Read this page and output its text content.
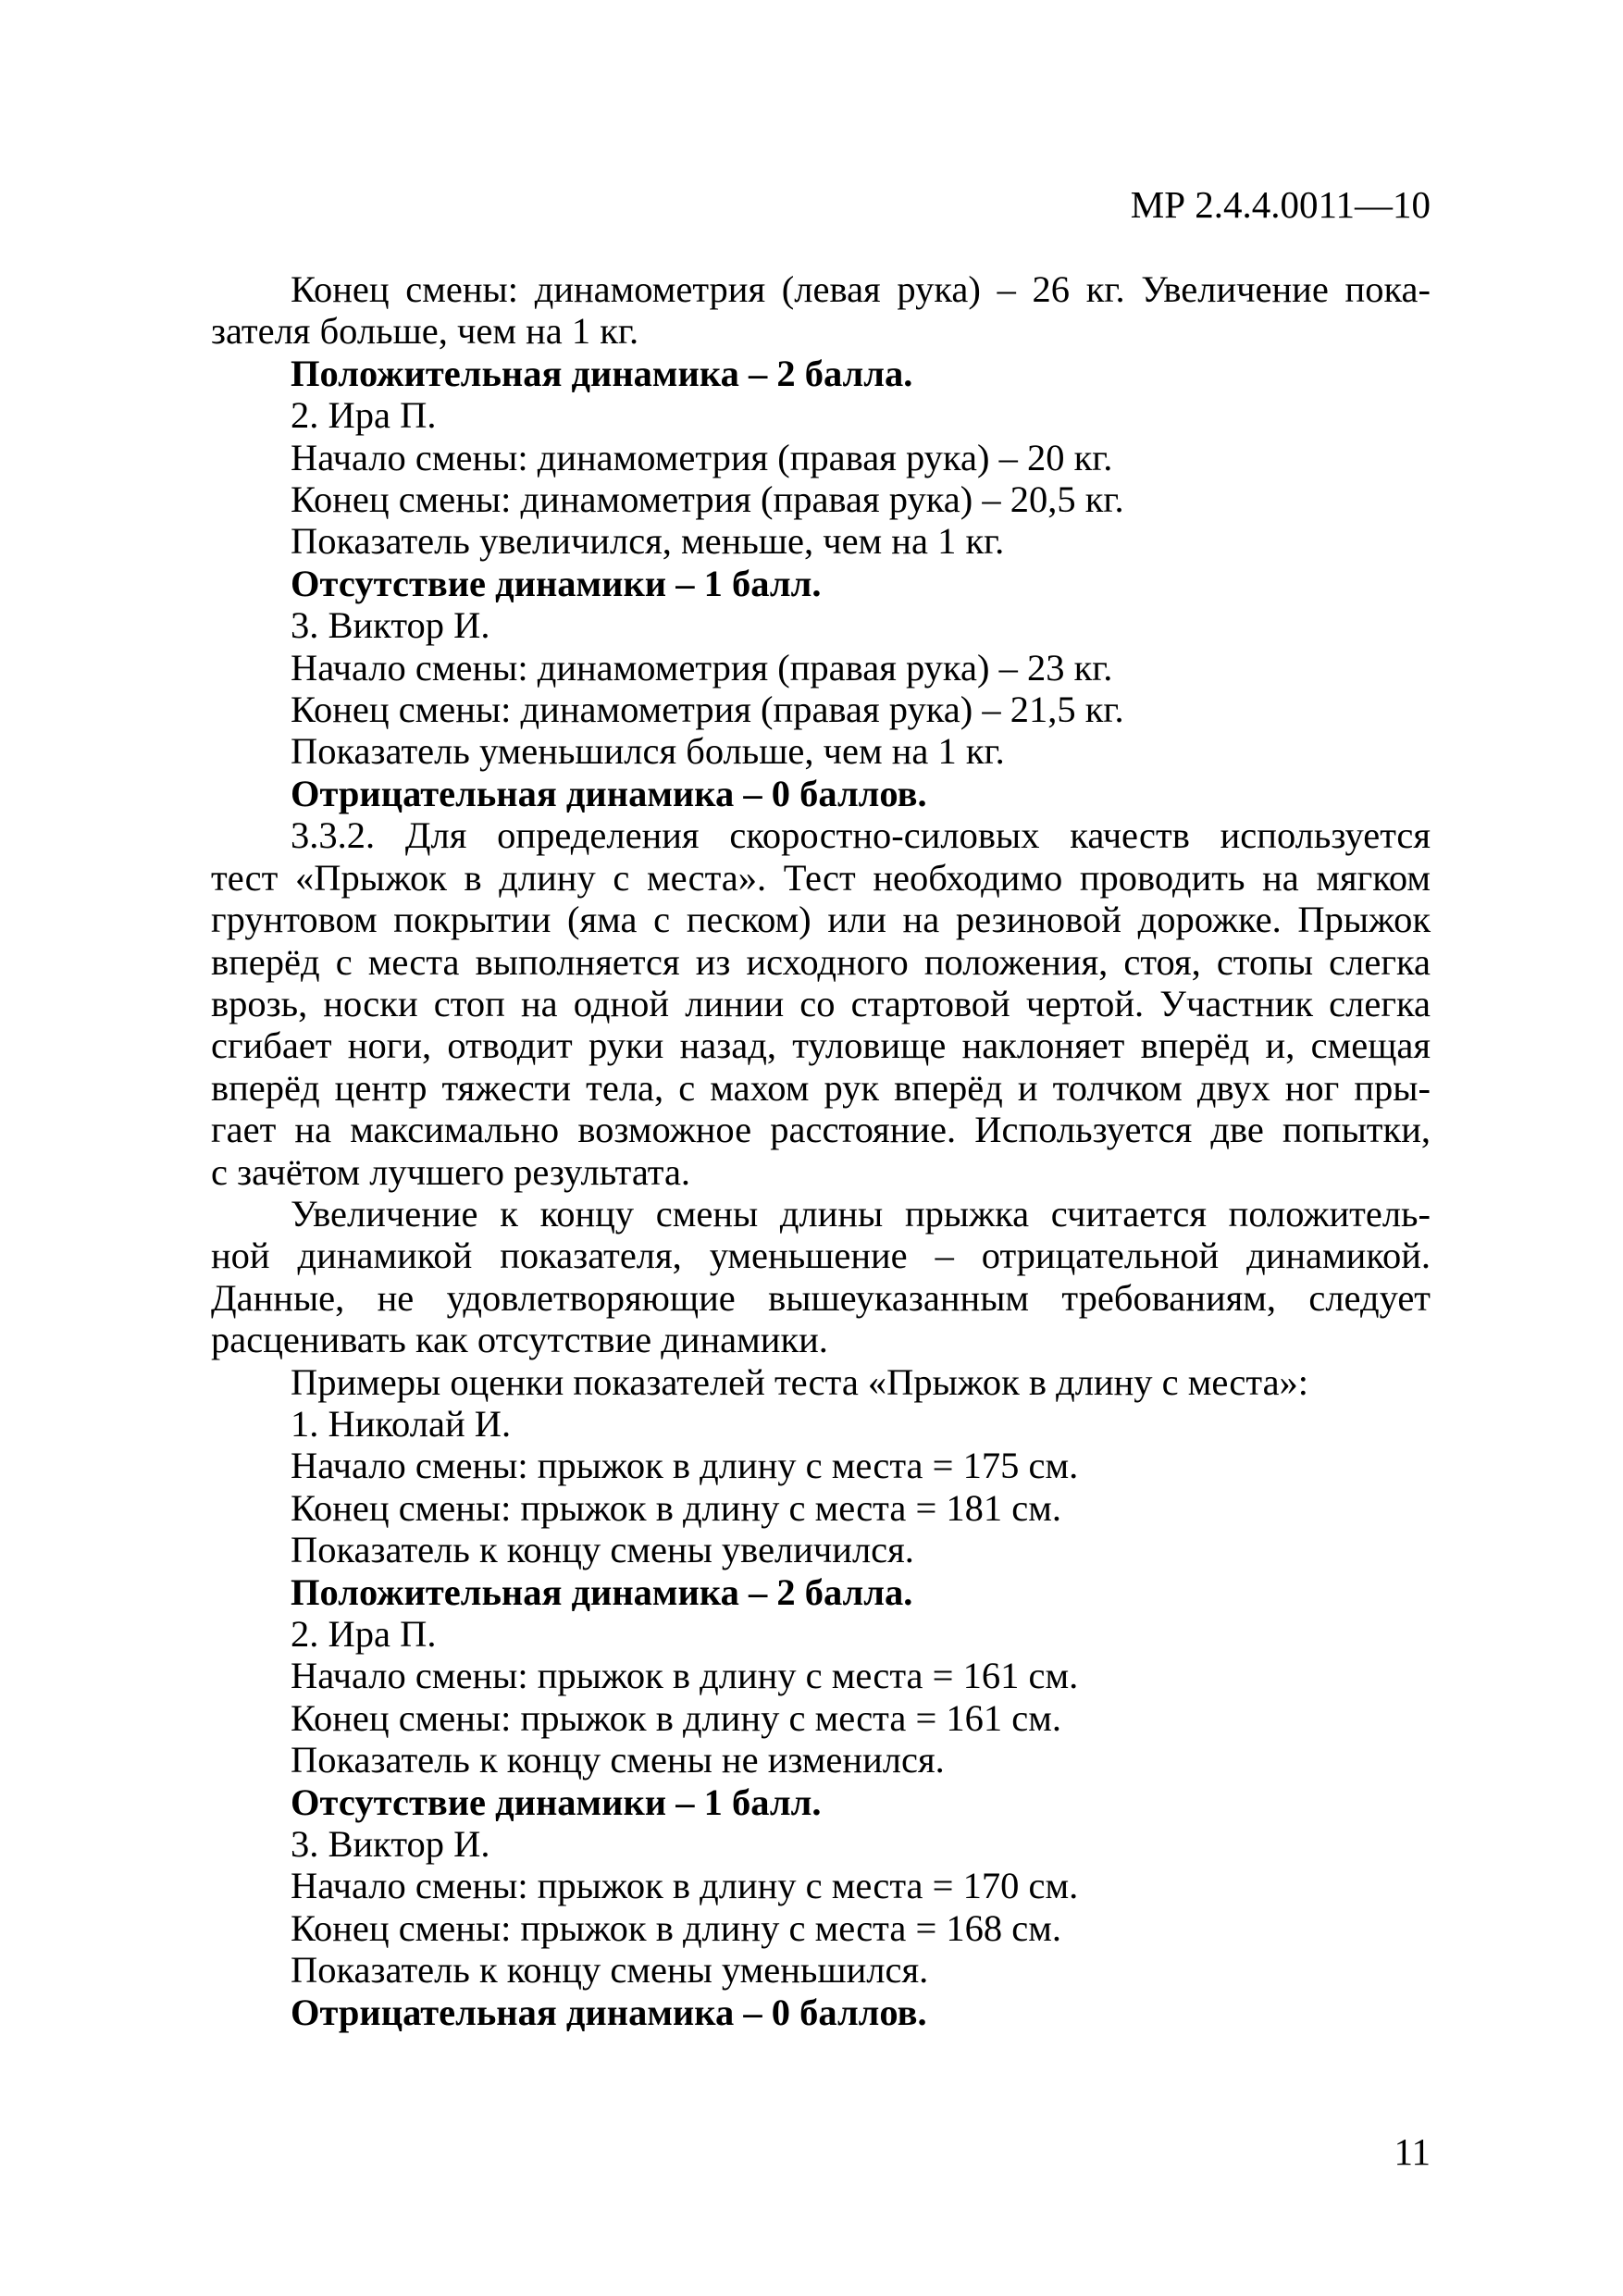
МР 2.4.4.0011—10
Конец смены: динамометрия (левая рука) – 26 кг. Увеличение пока-
зателя больше, чем на 1 кг.
Положительная динамика – 2 балла.
2. Ира П.
Начало смены: динамометрия (правая рука) – 20 кг.
Конец смены: динамометрия (правая рука) – 20,5 кг.
Показатель увеличился, меньше, чем на 1 кг.
Отсутствие динамики – 1 балл.
3. Виктор И.
Начало смены: динамометрия (правая рука) – 23 кг.
Конец смены: динамометрия (правая рука) – 21,5 кг.
Показатель уменьшился больше, чем на 1 кг.
Отрицательная динамика – 0 баллов.
3.3.2. Для определения скоростно-силовых качеств используется
тест «Прыжок в длину с места». Тест необходимо проводить на мягком
грунтовом покрытии (яма с песком) или на резиновой дорожке. Прыжок
вперёд с места выполняется из исходного положения, стоя, стопы слегка
врозь, носки стоп на одной линии со стартовой чертой. Участник слегка
сгибает ноги, отводит руки назад, туловище наклоняет вперёд и, смещая
вперёд центр тяжести тела, с махом рук вперёд и толчком двух ног пры-
гает на максимально возможное расстояние. Используется две попытки,
с зачётом лучшего результата.
Увеличение к концу смены длины прыжка считается положитель-
ной динамикой показателя, уменьшение – отрицательной динамикой.
Данные, не удовлетворяющие вышеуказанным требованиям, следует
расценивать как отсутствие динамики.
Примеры оценки показателей теста «Прыжок в длину с места»:
1. Николай И.
Начало смены: прыжок в длину с места = 175 см.
Конец смены: прыжок в длину с места = 181 см.
Показатель к концу смены увеличился.
Положительная динамика – 2 балла.
2. Ира П.
Начало смены: прыжок в длину с места = 161 см.
Конец смены: прыжок в длину с места = 161 см.
Показатель к концу смены не изменился.
Отсутствие динамики – 1 балл.
3. Виктор И.
Начало смены: прыжок в длину с места = 170 см.
Конец смены: прыжок в длину с места = 168 см.
Показатель к концу смены уменьшился.
Отрицательная динамика – 0 баллов.
11
